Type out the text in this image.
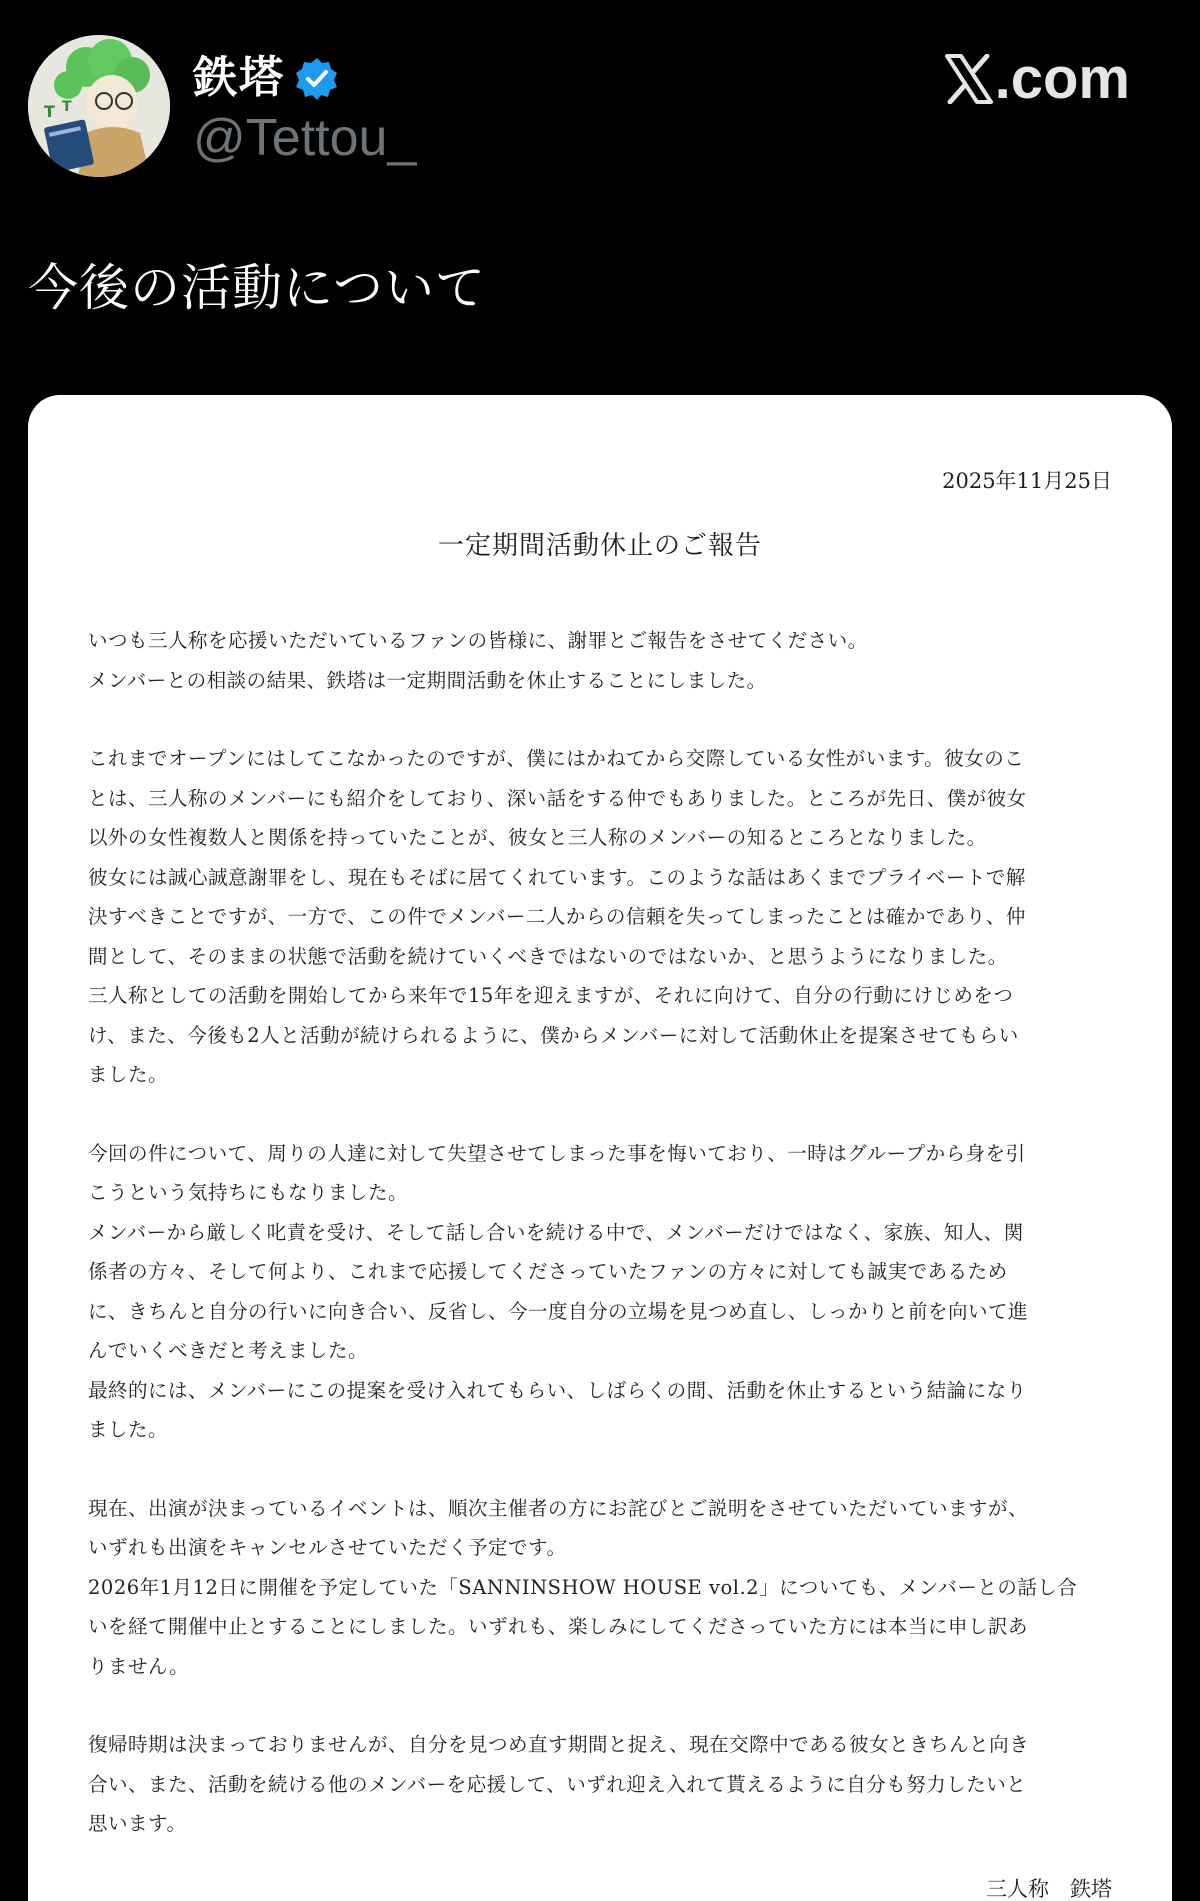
T T
鉄塔
@Tettou_
.com
今後の活動について
2025年11月25日
一定期間活動休止のご報告

いつも三人称を応援いただいているファンの皆様に、謝罪とご報告をさせてください。
メンバーとの相談の結果、鉄塔は一定期間活動を休止することにしました。

これまでオープンにはしてこなかったのですが、僕にはかねてから交際している女性がいます。彼女のこ
とは、三人称のメンバーにも紹介をしており、深い話をする仲でもありました。ところが先日、僕が彼女
以外の女性複数人と関係を持っていたことが、彼女と三人称のメンバーの知るところとなりました。
彼女には誠心誠意謝罪をし、現在もそばに居てくれています。このような話はあくまでプライベートで解
決すべきことですが、一方で、この件でメンバー二人からの信頼を失ってしまったことは確かであり、仲
間として、そのままの状態で活動を続けていくべきではないのではないか、と思うようになりました。
三人称としての活動を開始してから来年で15年を迎えますが、それに向けて、自分の行動にけじめをつ
け、また、今後も2人と活動が続けられるように、僕からメンバーに対して活動休止を提案させてもらい
ました。

今回の件について、周りの人達に対して失望させてしまった事を悔いており、一時はグループから身を引
こうという気持ちにもなりました。
メンバーから厳しく叱責を受け、そして話し合いを続ける中で、メンバーだけではなく、家族、知人、関
係者の方々、そして何より、これまで応援してくださっていたファンの方々に対しても誠実であるため
に、きちんと自分の行いに向き合い、反省し、今一度自分の立場を見つめ直し、しっかりと前を向いて進
んでいくべきだと考えました。
最終的には、メンバーにこの提案を受け入れてもらい、しばらくの間、活動を休止するという結論になり
ました。

現在、出演が決まっているイベントは、順次主催者の方にお詫びとご説明をさせていただいていますが、
いずれも出演をキャンセルさせていただく予定です。
2026年1月12日に開催を予定していた「SANNINSHOW HOUSE vol.2」についても、メンバーとの話し合
いを経て開催中止とすることにしました。いずれも、楽しみにしてくださっていた方には本当に申し訳あ
りません。

復帰時期は決まっておりませんが、自分を見つめ直す期間と捉え、現在交際中である彼女ときちんと向き
合い、また、活動を続ける他のメンバーを応援して、いずれ迎え入れて貰えるように自分も努力したいと
思います。

三人称　鉄塔
